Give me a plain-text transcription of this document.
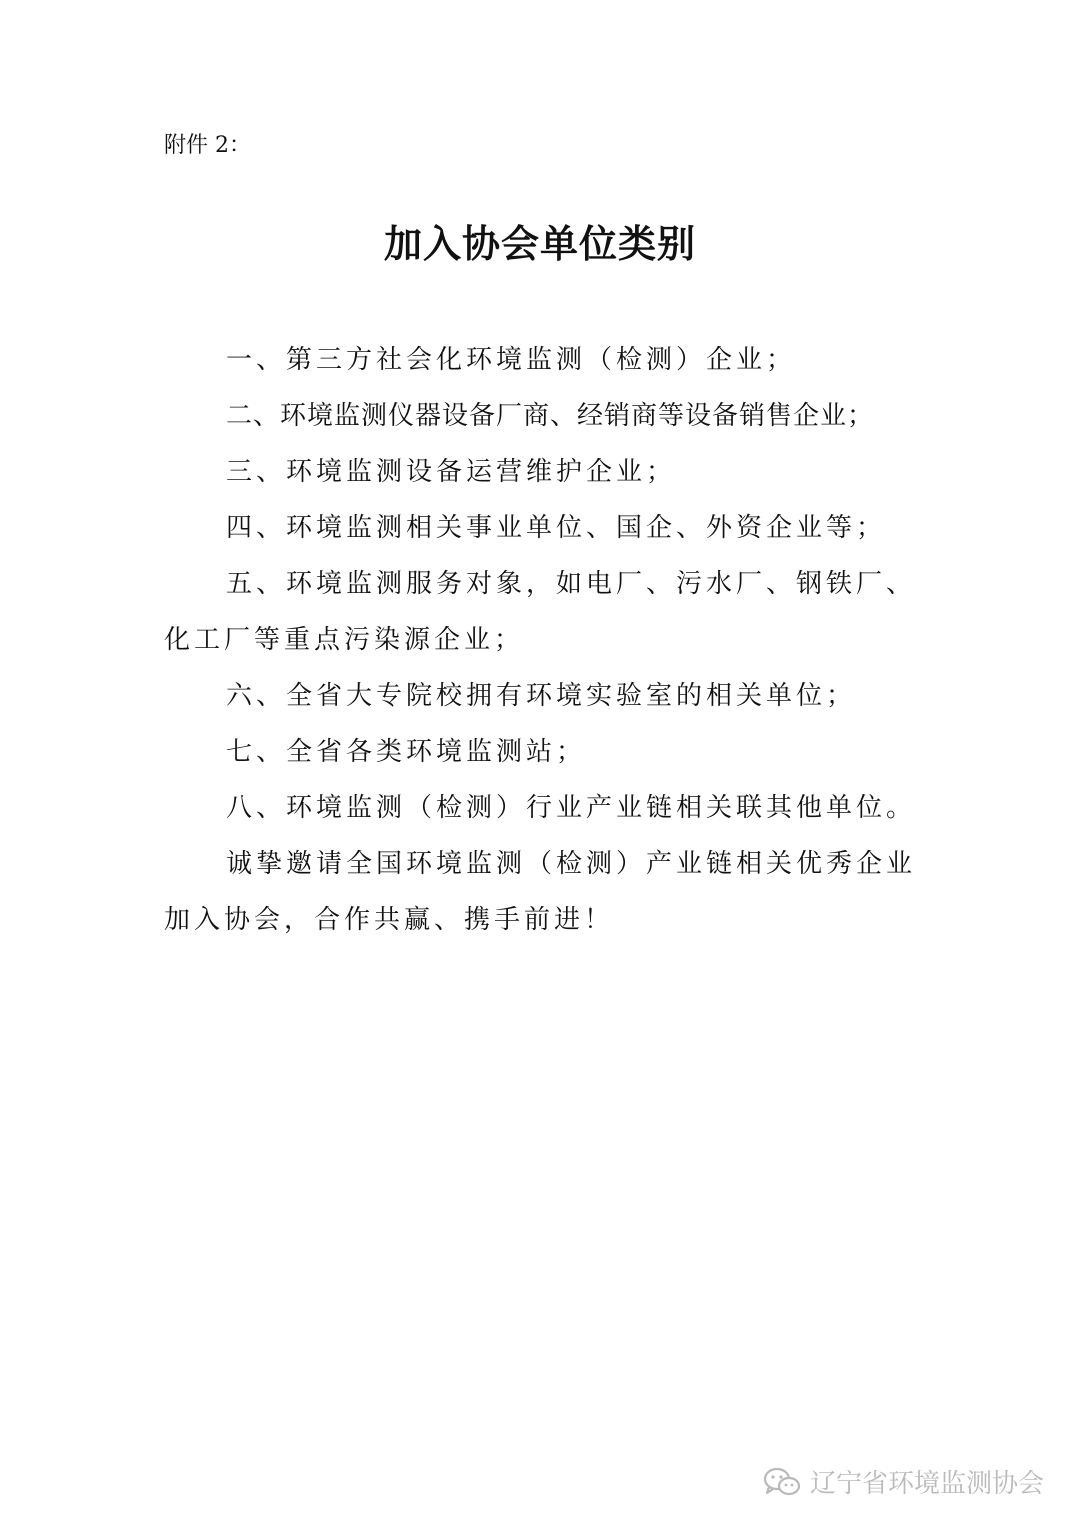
附件 2：
加入协会单位类别

一、第三方社会化环境监测（检测）企业；

二、环境监测仪器设备厂商、经销商等设备销售企业；

三、环境监测设备运营维护企业；

四、环境监测相关事业单位、国企、外资企业等；

五、环境监测服务对象，如电厂、污水厂、钢铁厂、化工厂等重点污染源企业；

六、全省大专院校拥有环境实验室的相关单位；

七、全省各类环境监测站；

八、环境监测（检测）行业产业链相关联其他单位。

诚挚邀请全国环境监测（检测）产业链相关优秀企业加入协会，合作共赢、携手前进！

辽宁省环境监测协会
